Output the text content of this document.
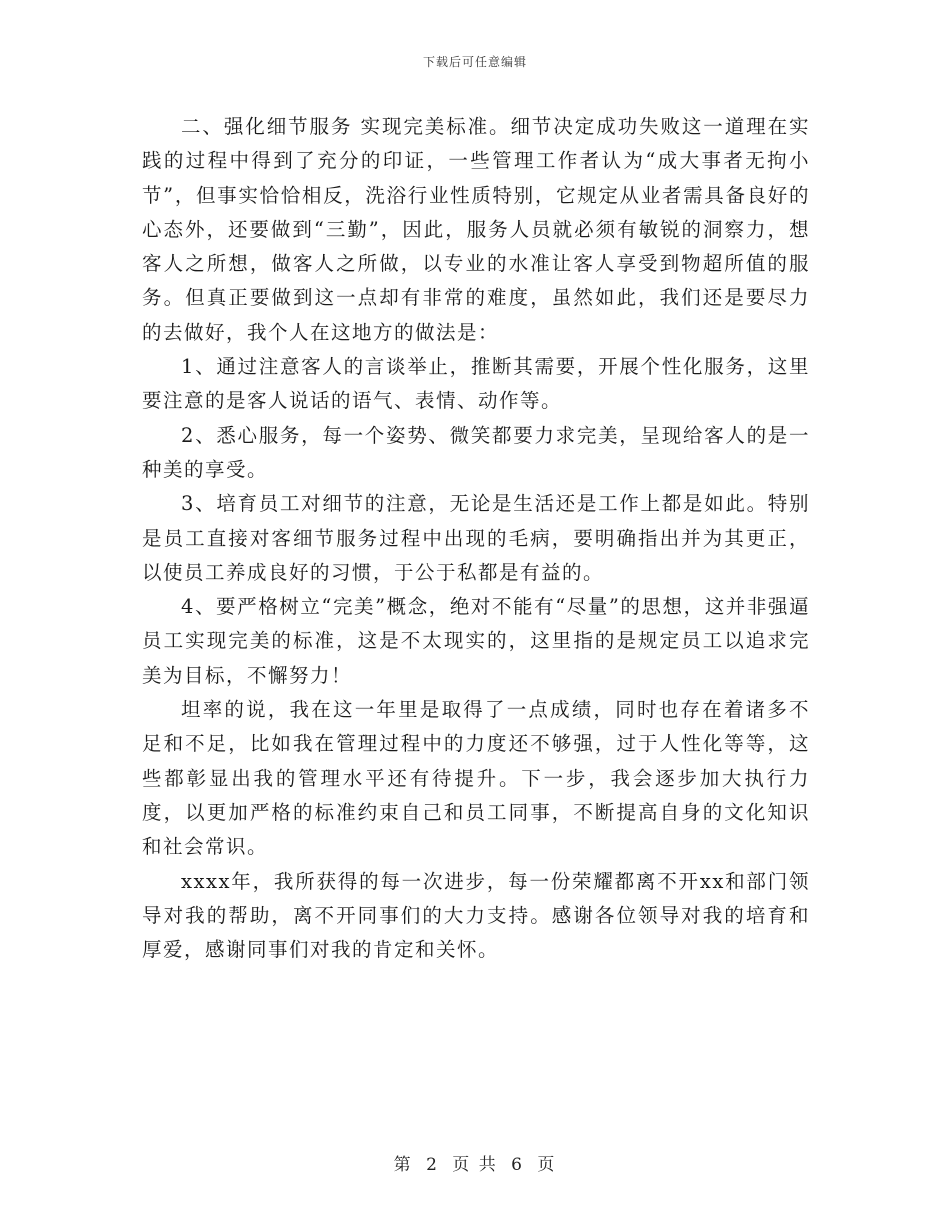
下载后可任意编辑

二、强化细节服务 实现完美标准。细节决定成功失败这一道理在实践的过程中得到了充分的印证，一些管理工作者认为“成大事者无拘小节”，但事实恰恰相反，洗浴行业性质特别，它规定从业者需具备良好的心态外，还要做到“三勤”，因此，服务人员就必须有敏锐的洞察力，想客人之所想，做客人之所做，以专业的水准让客人享受到物超所值的服务。但真正要做到这一点却有非常的难度，虽然如此，我们还是要尽力的去做好，我个人在这地方的做法是：

1、通过注意客人的言谈举止，推断其需要，开展个性化服务，这里要注意的是客人说话的语气、表情、动作等。

2、悉心服务，每一个姿势、微笑都要力求完美，呈现给客人的是一种美的享受。

3、培育员工对细节的注意，无论是生活还是工作上都是如此。特别是员工直接对客细节服务过程中出现的毛病，要明确指出并为其更正，以使员工养成良好的习惯，于公于私都是有益的。

4、要严格树立“完美”概念，绝对不能有“尽量”的思想，这并非强逼员工实现完美的标准，这是不太现实的，这里指的是规定员工以追求完美为目标，不懈努力！

坦率的说，我在这一年里是取得了一点成绩，同时也存在着诸多不足和不足，比如我在管理过程中的力度还不够强，过于人性化等等，这些都彰显出我的管理水平还有待提升。下一步，我会逐步加大执行力度，以更加严格的标准约束自己和员工同事，不断提高自身的文化知识和社会常识。

xxxx年，我所获得的每一次进步，每一份荣耀都离不开xx和部门领导对我的帮助，离不开同事们的大力支持。感谢各位领导对我的培育和厚爱，感谢同事们对我的肯定和关怀。

第 2 页 共 6 页
